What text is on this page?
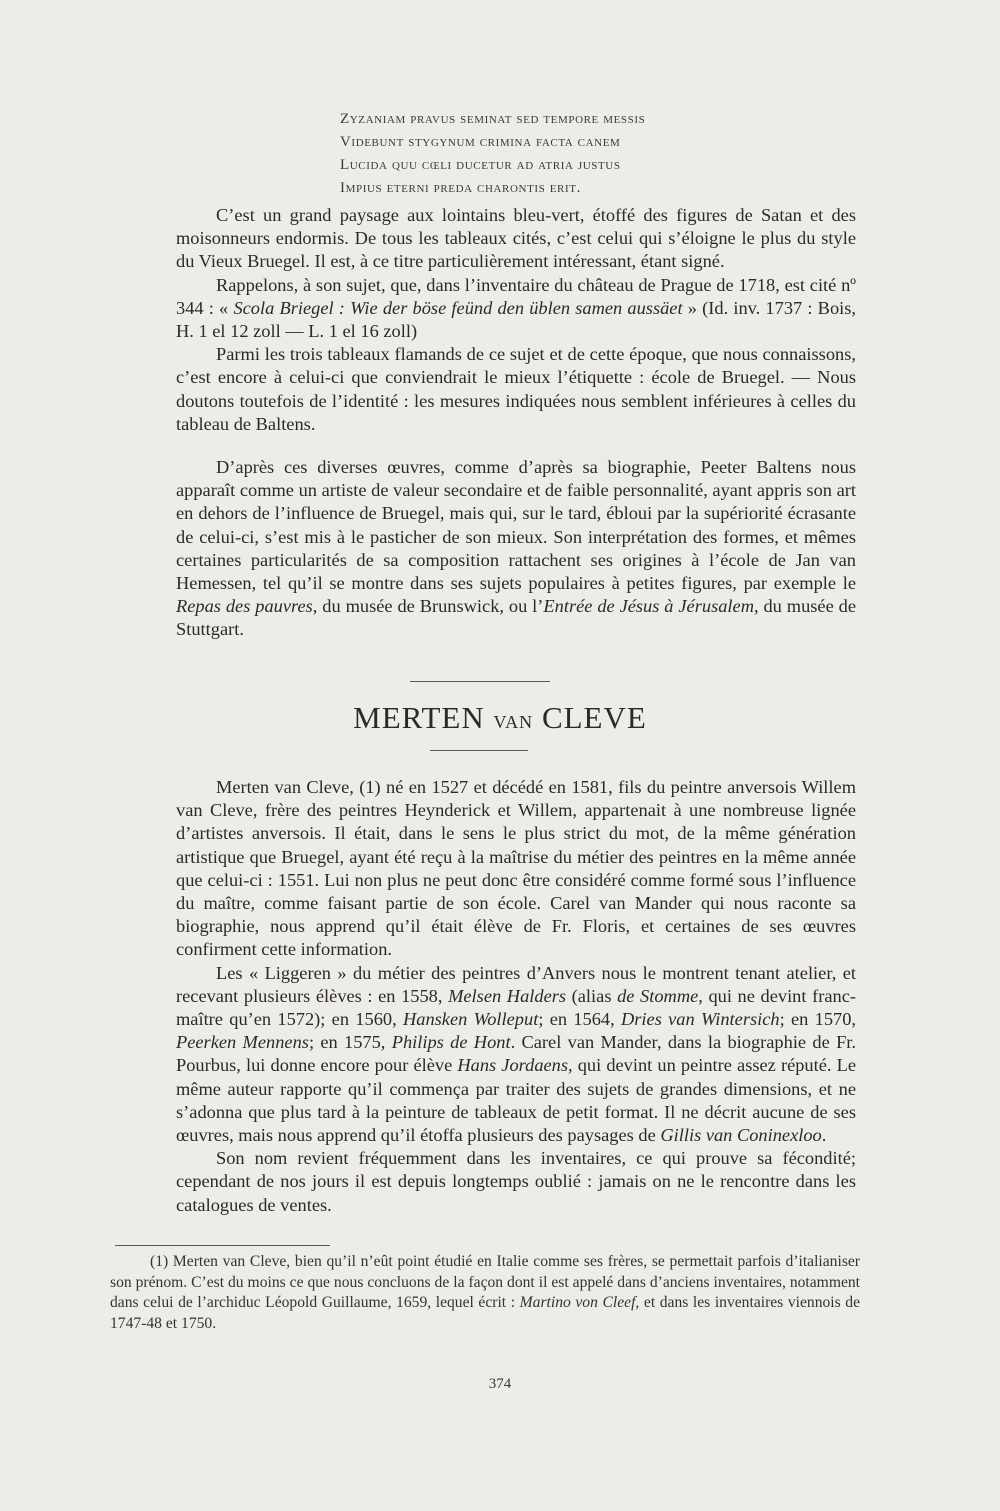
Zyzaniam pravus seminat sed tempore messis
Videbunt stygynum crimina facta canem
Lucida quu cœli ducetur ad atria justus
Impius eterni preda charontis erit.

C’est un grand paysage aux lointains bleu-vert, étoffé des figures de Satan et des moisonneurs endormis. De tous les tableaux cités, c’est celui qui s’éloigne le plus du style du Vieux Bruegel. Il est, à ce titre particulièrement intéressant, étant signé.

Rappelons, à son sujet, que, dans l’inventaire du château de Prague de 1718, est cité nº 344 : « Scola Briegel : Wie der böse feünd den üblen samen aussäet » (Id. inv. 1737 : Bois, H. 1 el 12 zoll — L. 1 el 16 zoll)

Parmi les trois tableaux flamands de ce sujet et de cette époque, que nous connaissons, c’est encore à celui-ci que conviendrait le mieux l’étiquette : école de Bruegel. — Nous doutons toutefois de l’identité : les mesures indiquées nous semblent inférieures à celles du tableau de Baltens.

D’après ces diverses œuvres, comme d’après sa biographie, Peeter Baltens nous apparaît comme un artiste de valeur secondaire et de faible personnalité, ayant appris son art en dehors de l’influence de Bruegel, mais qui, sur le tard, ébloui par la supériorité écrasante de celui-ci, s’est mis à le pasticher de son mieux. Son interprétation des formes, et mêmes certaines particularités de sa composition rattachent ses origines à l’école de Jan van Hemessen, tel qu’il se montre dans ses sujets populaires à petites figures, par exemple le Repas des pauvres, du musée de Brunswick, ou l’Entrée de Jésus à Jérusalem, du musée de Stuttgart.

MERTEN van CLEVE

Merten van Cleve, (1) né en 1527 et décédé en 1581, fils du peintre anversois Willem van Cleve, frère des peintres Heynderick et Willem, appartenait à une nombreuse lignée d’artistes anversois. Il était, dans le sens le plus strict du mot, de la même génération artistique que Bruegel, ayant été reçu à la maîtrise du métier des peintres en la même année que celui-ci : 1551. Lui non plus ne peut donc être considéré comme formé sous l’influence du maître, comme faisant partie de son école. Carel van Mander qui nous raconte sa biographie, nous apprend qu’il était élève de Fr. Floris, et certaines de ses œuvres confirment cette information.

Les « Liggeren » du métier des peintres d’Anvers nous le montrent tenant atelier, et recevant plusieurs élèves : en 1558, Melsen Halders (alias de Stomme, qui ne devint franc-maître qu’en 1572); en 1560, Hansken Wolleput; en 1564, Dries van Wintersich; en 1570, Peerken Mennens; en 1575, Philips de Hont. Carel van Mander, dans la biographie de Fr. Pourbus, lui donne encore pour élève Hans Jordaens, qui devint un peintre assez réputé. Le même auteur rapporte qu’il commença par traiter des sujets de grandes dimensions, et ne s’adonna que plus tard à la peinture de tableaux de petit format. Il ne décrit aucune de ses œuvres, mais nous apprend qu’il étoffa plusieurs des paysages de Gillis van Coninexloo.

Son nom revient fréquemment dans les inventaires, ce qui prouve sa fécondité; cependant de nos jours il est depuis longtemps oublié : jamais on ne le rencontre dans les catalogues de ventes.

(1) Merten van Cleve, bien qu’il n’eût point étudié en Italie comme ses frères, se permettait parfois d’italianiser son prénom. C’est du moins ce que nous concluons de la façon dont il est appelé dans d’anciens inventaires, notamment dans celui de l’archiduc Léopold Guillaume, 1659, lequel écrit : Martino von Cleef, et dans les inventaires viennois de 1747-48 et 1750.

374
